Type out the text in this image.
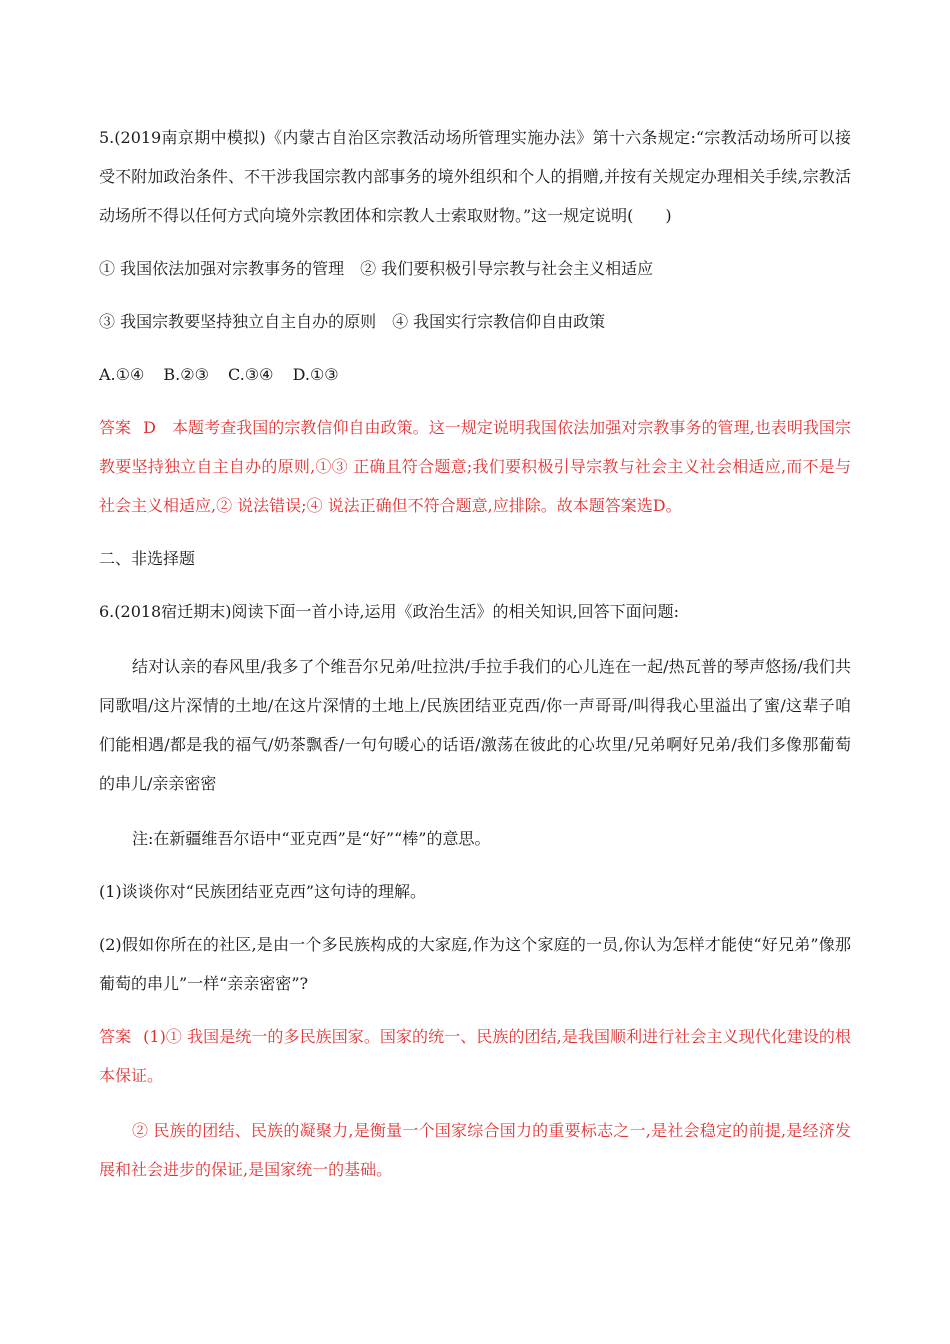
5.(2019南京期中模拟)《内蒙古自治区宗教活动场所管理实施办法》第十六条规定:“宗教活动场所可以接受不附加政治条件、不干涉我国宗教内部事务的境外组织和个人的捐赠,并按有关规定办理相关手续,宗教活动场所不得以任何方式向境外宗教团体和宗教人士索取财物。”这一规定说明(　　)

① 我国依法加强对宗教事务的管理　② 我们要积极引导宗教与社会主义相适应

③ 我国宗教要坚持独立自主自办的原则　④ 我国实行宗教信仰自由政策

A.①④ B.②③ C.③④ D.①③

答案 D　本题考查我国的宗教信仰自由政策。这一规定说明我国依法加强对宗教事务的管理,也表明我国宗教要坚持独立自主自办的原则,①③ 正确且符合题意;我们要积极引导宗教与社会主义社会相适应,而不是与社会主义相适应,② 说法错误;④ 说法正确但不符合题意,应排除。故本题答案选D。

二、非选择题

6.(2018宿迁期末)阅读下面一首小诗,运用《政治生活》的相关知识,回答下面问题:

结对认亲的春风里/我多了个维吾尔兄弟/吐拉洪/手拉手我们的心儿连在一起/热瓦普的琴声悠扬/我们共同歌唱/这片深情的土地/在这片深情的土地上/民族团结亚克西/你一声哥哥/叫得我心里溢出了蜜/这辈子咱们能相遇/都是我的福气/奶茶飘香/一句句暖心的话语/激荡在彼此的心坎里/兄弟啊好兄弟/我们多像那葡萄的串儿/亲亲密密

注:在新疆维吾尔语中“亚克西”是“好”“棒”的意思。

(1)谈谈你对“民族团结亚克西”这句诗的理解。

(2)假如你所在的社区,是由一个多民族构成的大家庭,作为这个家庭的一员,你认为怎样才能使“好兄弟”像那葡萄的串儿”一样“亲亲密密”?

答案 (1)① 我国是统一的多民族国家。国家的统一、民族的团结,是我国顺利进行社会主义现代化建设的根本保证。

② 民族的团结、民族的凝聚力,是衡量一个国家综合国力的重要标志之一,是社会稳定的前提,是经济发展和社会进步的保证,是国家统一的基础。
